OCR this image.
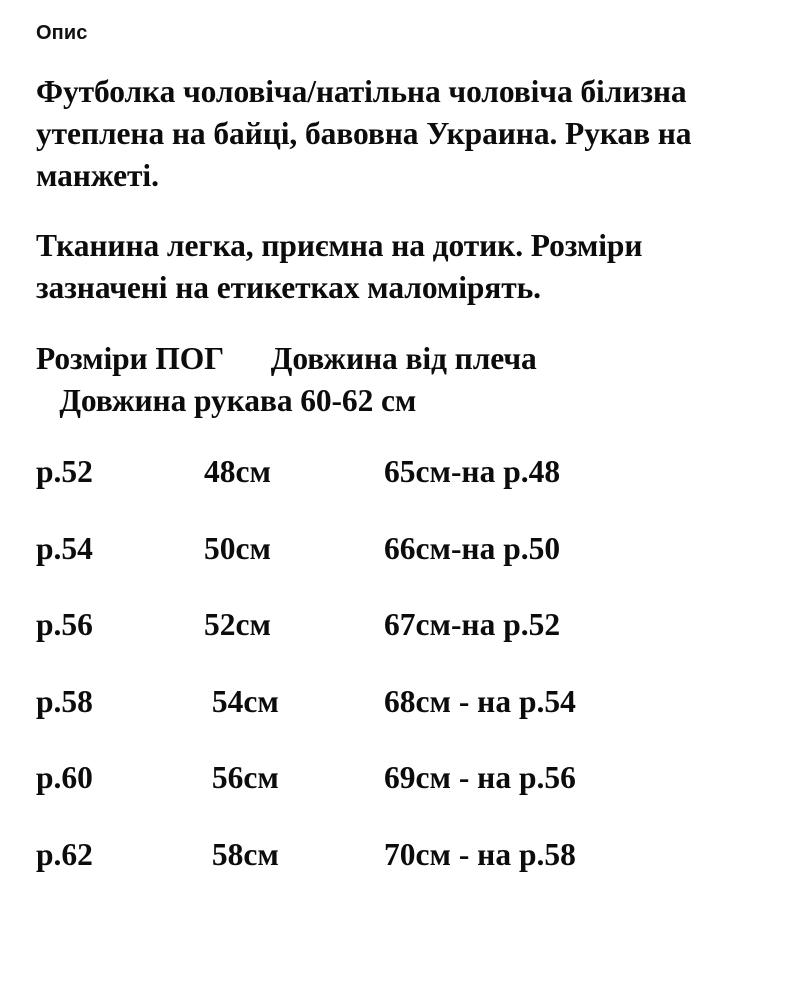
Опис

Футболка чоловіча/натільна чоловіча білизна утеплена на байці, бавовна Украина. Рукав на манжеті.

Тканина легка, приємна на дотик. Розміри зазначені на етикетках маломірять.

Розміри ПОГ      Довжина від плеча
Довжина рукава 60-62 см
р.52	48см	65см-на р.48
р.54	50см	66см-на р.50
р.56	52см	67см-на р.52
р.58	54см	68см - на р.54
р.60	56см	69см - на р.56
р.62	58см	70см - на р.58
